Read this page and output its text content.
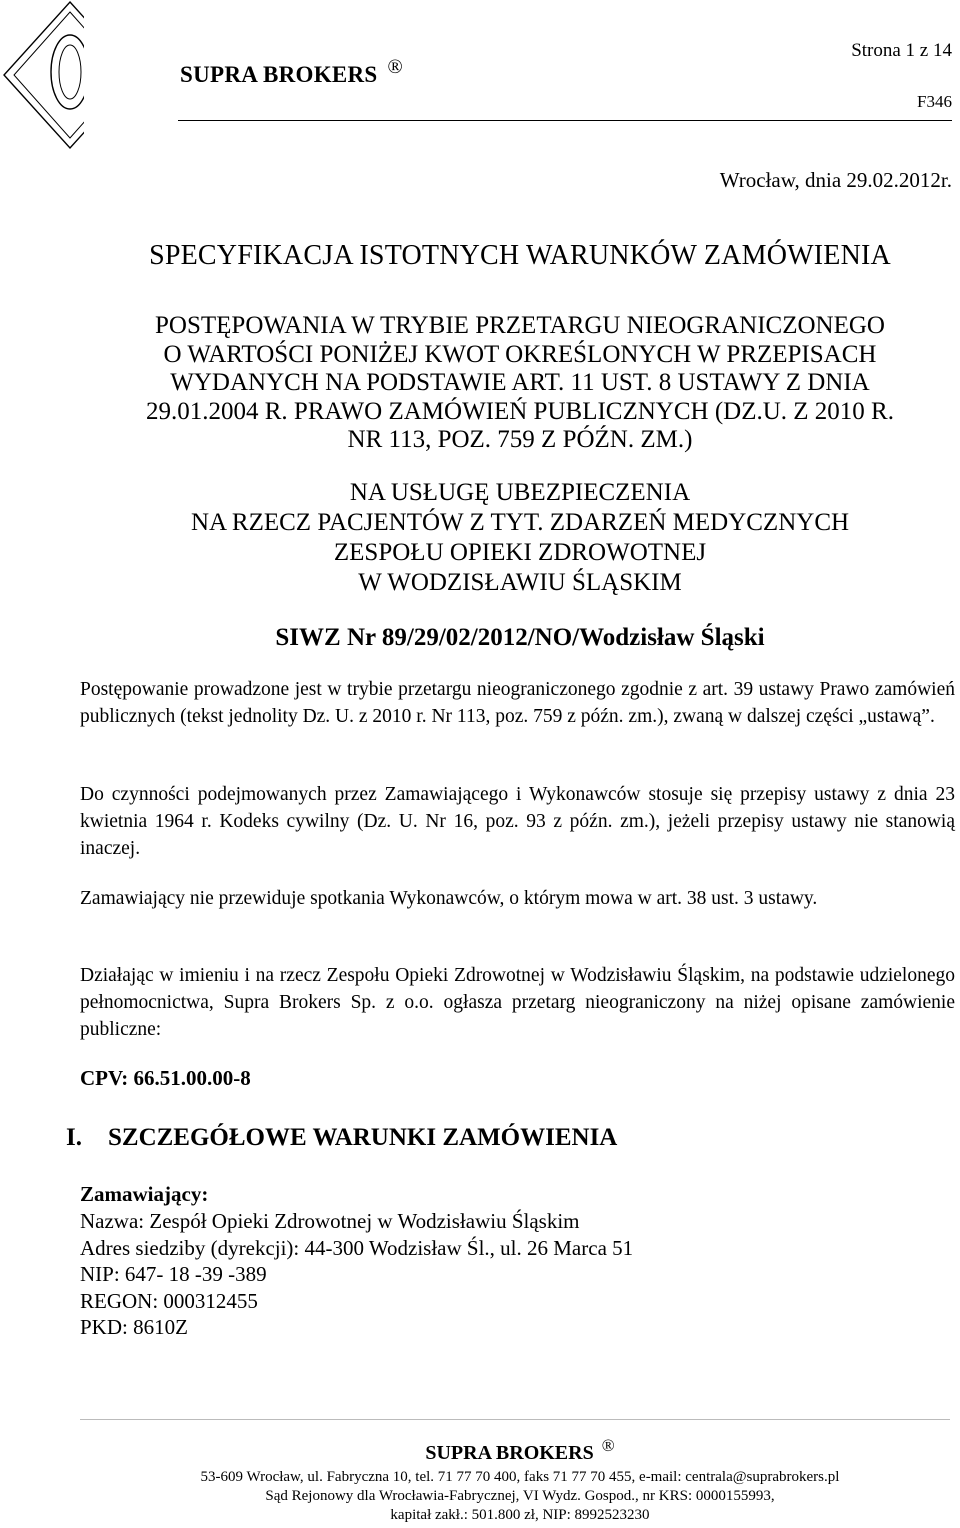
SUPRA BROKERS ®
Strona 1 z 14
F346
Wrocław, dnia 29.02.2012r.
SPECYFIKACJA ISTOTNYCH WARUNKÓW ZAMÓWIENIA
POSTĘPOWANIA W TRYBIE PRZETARGU NIEOGRANICZONEGO
O WARTOŚCI PONIŻEJ KWOT OKREŚLONYCH W PRZEPISACH
WYDANYCH NA PODSTAWIE ART. 11 UST. 8 USTAWY Z DNIA
29.01.2004 R. PRAWO ZAMÓWIEŃ PUBLICZNYCH (DZ.U. Z 2010 R.
NR 113, POZ. 759 Z PÓŹN. ZM.)
NA USŁUGĘ UBEZPIECZENIA
NA RZECZ PACJENTÓW Z TYT. ZDARZEŃ MEDYCZNYCH
ZESPOŁU OPIEKI ZDROWOTNEJ
W WODZISŁAWIU ŚLĄSKIM
SIWZ Nr 89/29/02/2012/NO/Wodzisław Śląski
Postępowanie prowadzone jest w trybie przetargu nieograniczonego zgodnie z art. 39 ustawy Prawo zamówień publicznych (tekst jednolity Dz. U. z 2010 r. Nr 113, poz. 759 z późn. zm.), zwaną w dalszej części „ustawą”.
Do czynności podejmowanych przez Zamawiającego i Wykonawców stosuje się przepisy ustawy z dnia 23 kwietnia 1964 r. Kodeks cywilny (Dz. U. Nr 16, poz. 93 z późn. zm.), jeżeli przepisy ustawy nie stanowią inaczej.
Zamawiający nie przewiduje spotkania Wykonawców, o którym mowa w art. 38 ust. 3 ustawy.
Działając w imieniu i na rzecz Zespołu Opieki Zdrowotnej w Wodzisławiu Śląskim, na podstawie udzielonego pełnomocnictwa, Supra Brokers Sp. z o.o. ogłasza przetarg nieograniczony na niżej opisane zamówienie publiczne:
CPV: 66.51.00.00-8
I. SZCZEGÓŁOWE WARUNKI ZAMÓWIENIA
Zamawiający:
Nazwa: Zespół Opieki Zdrowotnej w Wodzisławiu Śląskim
Adres siedziby (dyrekcji): 44-300 Wodzisław Śl., ul. 26 Marca 51
NIP: 647- 18 -39 -389
REGON: 000312455
PKD: 8610Z
SUPRA BROKERS ®
53-609 Wrocław, ul. Fabryczna 10, tel. 71 77 70 400, faks 71 77 70 455, e-mail: centrala@suprabrokers.pl
Sąd Rejonowy dla Wrocławia-Fabrycznej, VI Wydz. Gospod., nr KRS: 0000155993,
kapitał zakł.: 501.800 zł, NIP: 8992523230
